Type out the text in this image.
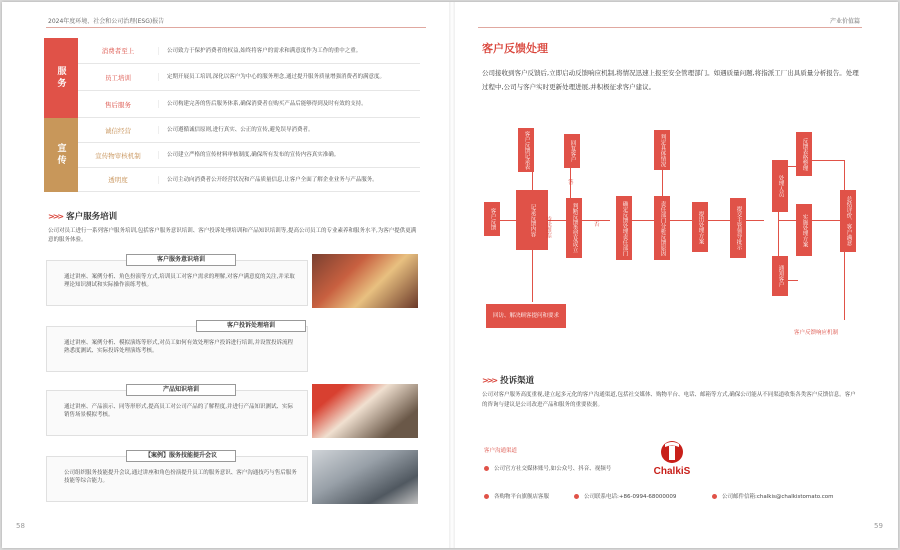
2024年度环境、社会和公司治理(ESG)报告	产业价值篇
58	59
服务
宣传
消费者至上	公司致力于保护消费者的权益,始终将客户的需求和满意度作为工作的重中之重。
员工培训	定期开展员工培训,深化以客户为中心的服务理念,通过提升服务质量增强消费者的满意度。
售后服务	公司构建完善的售后服务体系,确保消费者在购买产品后能够得到及时有效的支持。
诚信经营	公司遵循诚信原则,进行真实、公正的宣传,避免误导消费者。
宣传物审核机制	公司建立严格的宣传材料审核制度,确保所有发布的宣传内容真实准确。
透明度	公司主动向消费者公开经营状况和产品质量信息,让客户全面了解企业业务与产品服务。
>>> 客户服务培训
公司对员工进行一系列客户服务培训,包括客户服务意识培训、客户投诉处理培训和产品知识培训等,提高公司员工的专业素养和服务水平,为客户提供更满意的服务体验。
客户服务意识培训
通过讲座、案例分析、角色扮演等方式,培训员工对客户需求的理解,对客户满意度的关注,并采取理论知识测试和实际操作演练考核。
客户投诉处理培训
通过讲座、案例分析、模拟演练等形式,对员工如何有效处理客户投诉进行培训,并设置投诉流程熟悉度测试、实际投诉处理演练考核。
产品知识培训
通过讲座、产品演示、同等形形式,提高员工对公司产品的了解程度,并进行产品知识测试、实际销售场景模拟考核。
【案例】服务技能提升会议
公司组织服务技能提升会议,通过讲座和角色扮演提升员工的服务意识、客户沟通技巧与售后服务技能等综合能力。
客户反馈处理
公司接收到客户反馈后,立即启动反馈响应机制,将情况迅速上报至安全管理部门。如遇质量问题,将指派工厂出具质量分析报告。处理过程中,公司与客户实时更新处理进展,并积极征求客户建议。
客户反馈
客户反馈记录表
记录反馈内容 持续跟踪
回复客户
答
判断反馈类型及成立	否	确定反馈处理责任部门
判定具体情况
责任部门分析反馈原因	提出处理方案	提交主管领导批示
处理人员
通知客户
反馈表格整理
实施处理方案	总结评价、客户满意
回访、解决顾客提问和要求
客户反馈响应机制
>>> 投诉渠道
公司对客户服务高度重视,建立起多元化的客户沟通渠道,包括社交媒体、购物平台、电话、邮箱等方式,确保公司能从不同渠道收集各类客户反馈信息。客户的咨询与建议是公司改进产品和服务的重要依据。
客户沟通渠道
公司官方社交媒体账号,如公众号、抖音、视频号
各购物平台旗舰店客服	公司联系电话:+86-0994-68000009	公司邮件信箱:chalkis@chalkistomato.com
ChalkiS
